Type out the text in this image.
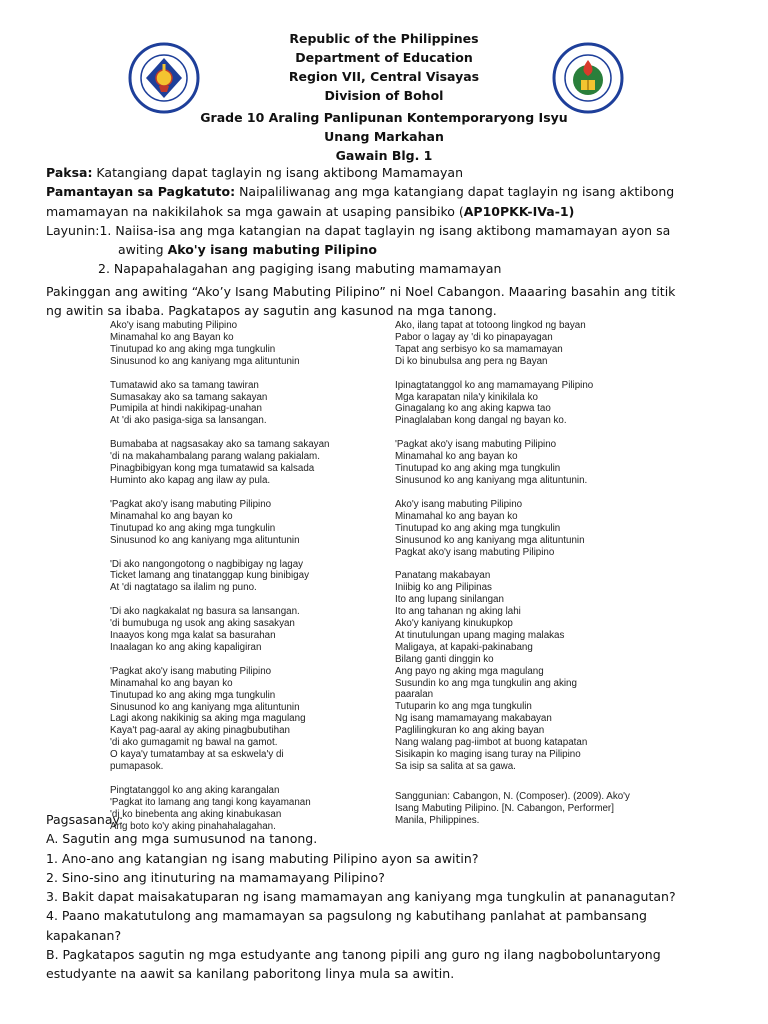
Republic of the Philippines
Department of Education
Region VII, Central Visayas
Division of Bohol
Grade 10 Araling Panlipunan Kontemporaryong Isyu
Unang Markahan
Gawain Blg. 1

Paksa: Katangiang dapat taglayin ng isang aktibong Mamamayan

Pamantayan sa Pagkatuto: Naipaliliwanag ang mga katangiang dapat taglayin ng isang aktibong

mamamayan na nakikilahok sa mga gawain at usaping pansibiko (AP10PKK-IVa-1)

Layunin:1. Naiisa-isa ang mga katangian na dapat taglayin ng isang aktibong mamamayan ayon sa

awiting Ako'y isang mabuting Pilipino

2. Napapahalagahan ang pagiging isang mabuting mamamayan

Pakinggan ang awiting “Ako’y Isang Mabuting Pilipino” ni Noel Cabangon. Maaaring basahin ang titik
ng awitin sa ibaba. Pagkatapos ay sagutin ang kasunod na mga tanong.
Ako'y isang mabuting Pilipino
Minamahal ko ang Bayan ko
Tinutupad ko ang aking mga tungkulin
Sinusunod ko ang kaniyang mga alituntunin
Tumatawid ako sa tamang tawiran
Sumasakay ako sa tamang sakayan
Pumipila at hindi nakikipag-unahan
At 'di ako pasiga-siga sa lansangan.
Bumababa at nagsasakay ako sa tamang sakayan
'di na makahambalang parang walang pakialam.
Pinagbibigyan kong mga tumatawid sa kalsada
Huminto ako kapag ang ilaw ay pula.
'Pagkat ako'y isang mabuting Pilipino
Minamahal ko ang bayan ko
Tinutupad ko ang aking mga tungkulin
Sinusunod ko ang kaniyang mga alituntunin
'Di ako nangongotong o nagbibigay ng lagay
Ticket lamang ang tinatanggap kung binibigay
At 'di nagtatago sa ilalim ng puno.
'Di ako nagkakalat ng basura sa lansangan.
'di bumubuga ng usok ang aking sasakyan
Inaayos kong mga kalat sa basurahan
Inaalagan ko ang aking kapaligiran
'Pagkat ako'y isang mabuting Pilipino
Minamahal ko ang bayan ko
Tinutupad ko ang aking mga tungkulin
Sinusunod ko ang kaniyang mga alituntunin
Lagi akong nakikinig sa aking mga magulang
Kaya't pag-aaral ay aking pinagbubutihan
'di ako gumagamit ng bawal na gamot.
O kaya'y tumatambay at sa eskwela'y di
pumapasok.
Pingtatanggol ko ang aking karangalan
'Pagkat ito lamang ang tangi kong kayamanan
'di ko binebenta ang aking kinabukasan
Ang boto ko'y aking pinahahalagahan.
Ako, ilang tapat at totoong lingkod ng bayan
Pabor o lagay ay 'di ko pinapayagan
Tapat ang serbisyo ko sa mamamayan
Di ko binubulsa ang pera ng Bayan
Ipinagtatanggol ko ang mamamayang Pilipino
Mga karapatan nila'y kinikilala ko
Ginagalang ko ang aking kapwa tao
Pinaglalaban kong dangal ng bayan ko.
'Pagkat ako'y isang mabuting Pilipino
Minamahal ko ang bayan ko
Tinutupad ko ang aking mga tungkulin
Sinusunod ko ang kaniyang mga alituntunin.
Ako'y isang mabuting Pilipino
Minamahal ko ang bayan ko
Tinutupad ko ang aking mga tungkulin
Sinusunod ko ang kaniyang mga alituntunin
Pagkat ako'y isang mabuting Pilipino
Panatang makabayan
Iniibig ko ang Pilipinas
Ito ang lupang sinilangan
Ito ang tahanan ng aking lahi
Ako'y kaniyang kinukupkop
At tinutulungan upang maging malakas
Maligaya, at kapaki-pakinabang
Bilang ganti dinggin ko
Ang payo ng aking mga magulang
Susundin ko ang mga tungkulin ang aking
paaralan
Tutuparin ko ang mga tungkulin
Ng isang mamamayang makabayan
Paglilingkuran ko ang aking bayan
Nang walang pag-iimbot at buong katapatan
Sisikapin ko maging isang turay na Pilipino
Sa isip sa salita at sa gawa.
Sanggunian: Cabangon, N. (Composer). (2009). Ako'y
Isang Mabuting Pilipino. [N. Cabangon, Performer]
Manila, Philippines.

Pagsasanay:

A. Sagutin ang mga sumusunod na tanong.

1. Ano-ano ang katangian ng isang mabuting Pilipino ayon sa awitin?

2. Sino-sino ang itinuturing na mamamayang Pilipino?

3. Bakit dapat maisakatuparan ng isang mamamayan ang kaniyang mga tungkulin at pananagutan?

4. Paano makatutulong ang mamamayan sa pagsulong ng kabutihang panlahat at pambansang

kapakanan?

B. Pagkatapos sagutin ng mga estudyante ang tanong pipili ang guro ng ilang nagboboluntaryong

estudyante na aawit sa kanilang paboritong linya mula sa awitin.
